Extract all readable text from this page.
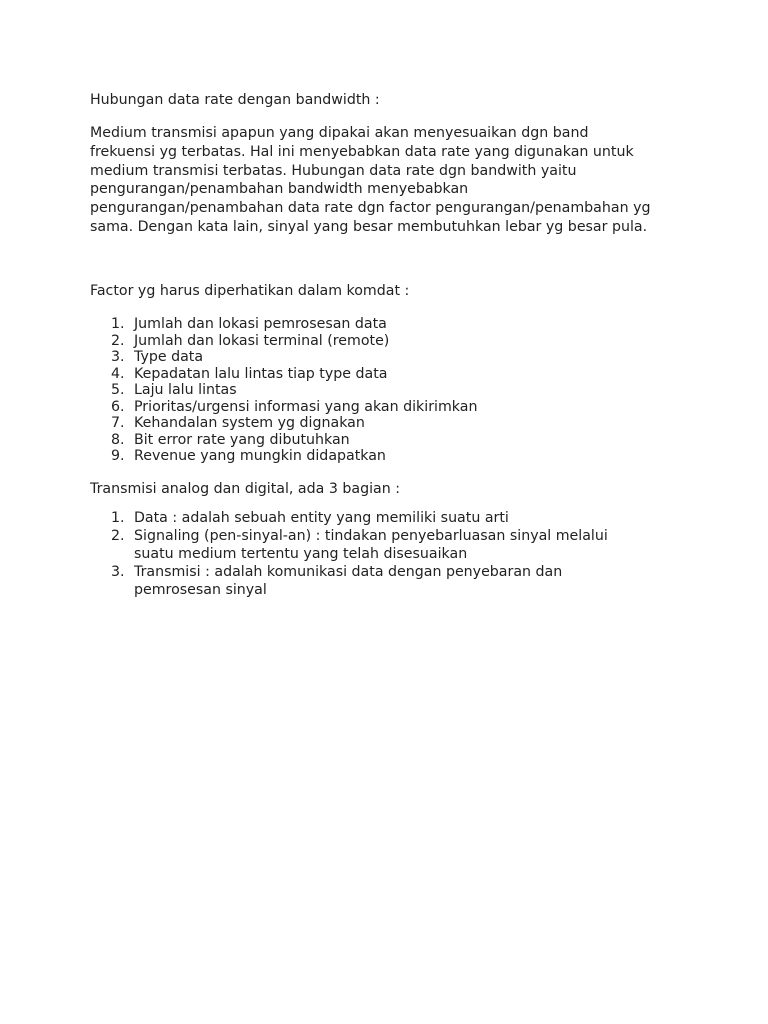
Hubungan data rate dengan bandwidth :

Medium transmisi apapun yang dipakai akan menyesuaikan dgn band frekuensi yg terbatas. Hal ini menyebabkan data rate yang digunakan untuk medium transmisi terbatas. Hubungan data rate dgn bandwith yaitu pengurangan/penambahan bandwidth menyebabkan pengurangan/penambahan data rate dgn factor pengurangan/penambahan yg sama. Dengan kata lain, sinyal yang besar membutuhkan lebar yg besar pula.

Factor yg harus diperhatikan dalam komdat :
1. Jumlah dan lokasi pemrosesan data
2. Jumlah dan lokasi terminal (remote)
3. Type data
4. Kepadatan lalu lintas tiap type data
5. Laju lalu lintas
6. Prioritas/urgensi informasi yang akan dikirimkan
7. Kehandalan system yg dignakan
8. Bit error rate yang dibutuhkan
9. Revenue yang mungkin didapatkan
Transmisi analog dan digital, ada 3 bagian :
1. Data : adalah sebuah entity yang memiliki suatu arti
2. Signaling (pen-sinyal-an) : tindakan penyebarluasan sinyal melalui suatu medium tertentu yang telah disesuaikan
3. Transmisi : adalah komunikasi data dengan penyebaran dan pemrosesan sinyal
